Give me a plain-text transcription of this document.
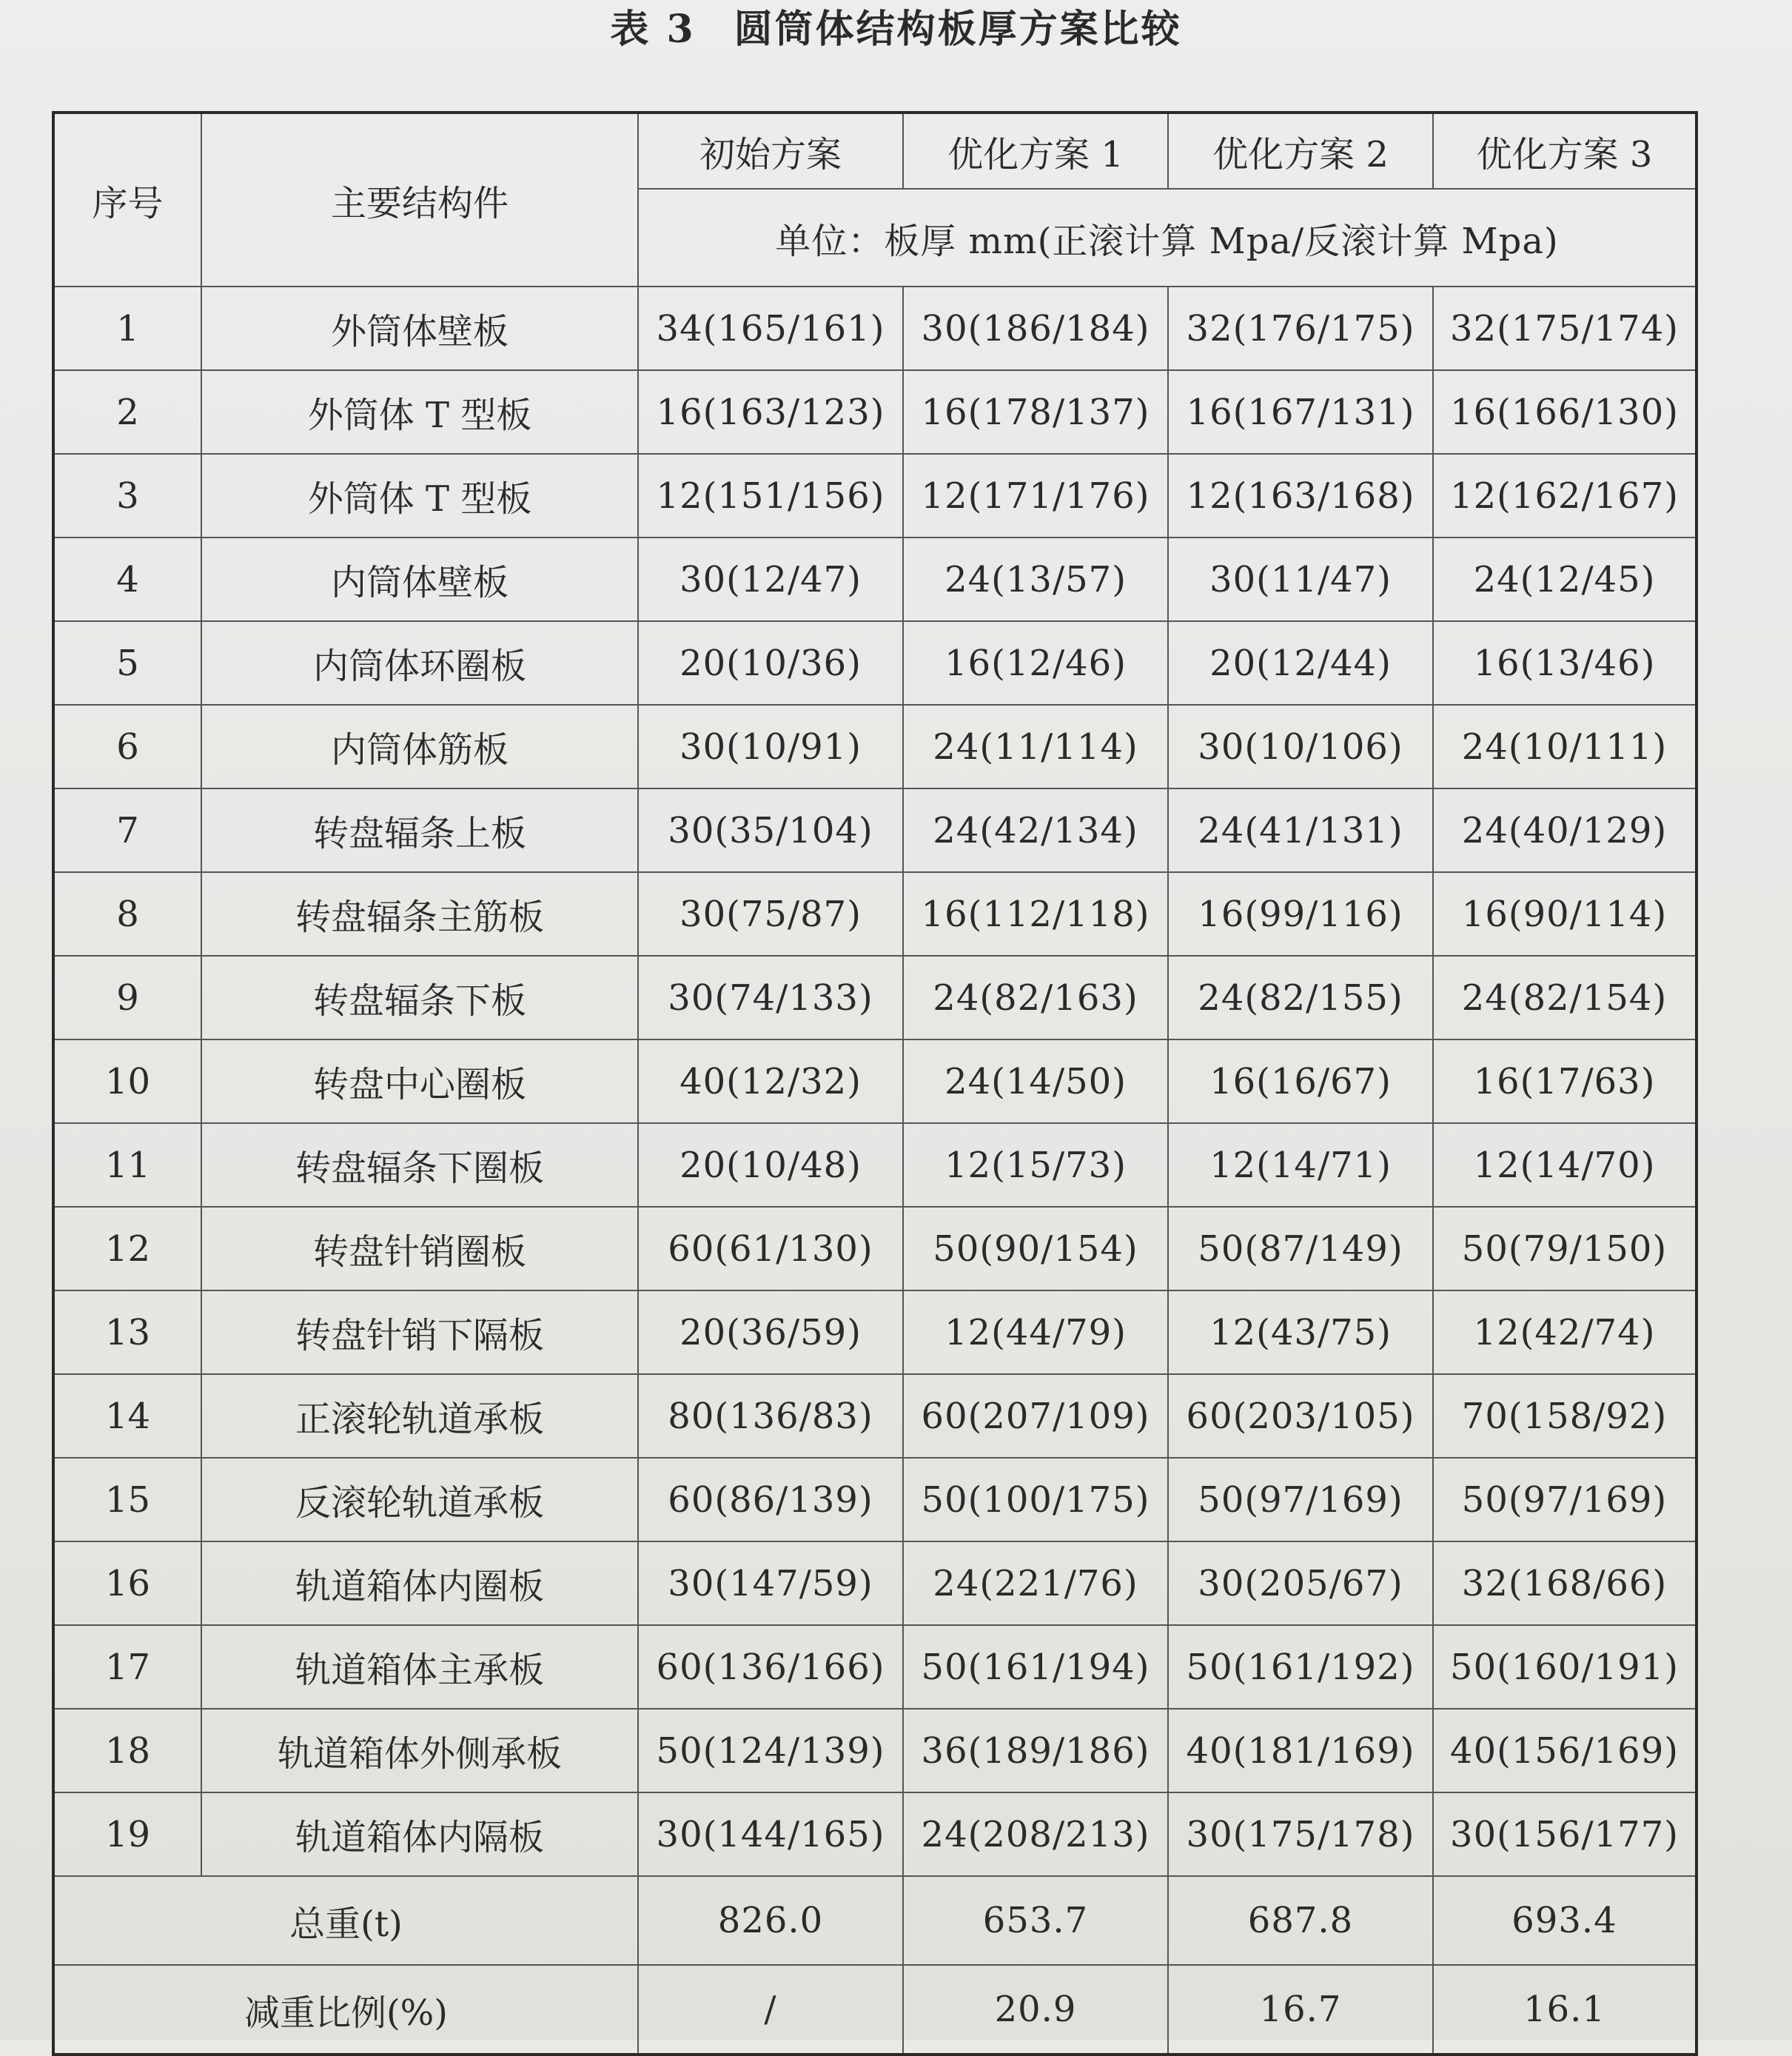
表 3 圆筒体结构板厚方案比较
序号	主要结构件	初始方案	优化方案 1	优化方案 2	优化方案 3
		单位：板厚 mm(正滚计算 Mpa/反滚计算 Mpa)			
1	外筒体壁板	34(165/161)	30(186/184)	32(176/175)	32(175/174)
2	外筒体 T 型板	16(163/123)	16(178/137)	16(167/131)	16(166/130)
3	外筒体 T 型板	12(151/156)	12(171/176)	12(163/168)	12(162/167)
4	内筒体壁板	30(12/47)	24(13/57)	30(11/47)	24(12/45)
5	内筒体环圈板	20(10/36)	16(12/46)	20(12/44)	16(13/46)
6	内筒体筋板	30(10/91)	24(11/114)	30(10/106)	24(10/111)
7	转盘辐条上板	30(35/104)	24(42/134)	24(41/131)	24(40/129)
8	转盘辐条主筋板	30(75/87)	16(112/118)	16(99/116)	16(90/114)
9	转盘辐条下板	30(74/133)	24(82/163)	24(82/155)	24(82/154)
10	转盘中心圈板	40(12/32)	24(14/50)	16(16/67)	16(17/63)
11	转盘辐条下圈板	20(10/48)	12(15/73)	12(14/71)	12(14/70)
12	转盘针销圈板	60(61/130)	50(90/154)	50(87/149)	50(79/150)
13	转盘针销下隔板	20(36/59)	12(44/79)	12(43/75)	12(42/74)
14	正滚轮轨道承板	80(136/83)	60(207/109)	60(203/105)	70(158/92)
15	反滚轮轨道承板	60(86/139)	50(100/175)	50(97/169)	50(97/169)
16	轨道箱体内圈板	30(147/59)	24(221/76)	30(205/67)	32(168/66)
17	轨道箱体主承板	60(136/166)	50(161/194)	50(161/192)	50(160/191)
18	轨道箱体外侧承板	50(124/139)	36(189/186)	40(181/169)	40(156/169)
19	轨道箱体内隔板	30(144/165)	24(208/213)	30(175/178)	30(156/177)
总重(t)		826.0	653.7	687.8	693.4
减重比例(%)		/	20.9	16.7	16.1
